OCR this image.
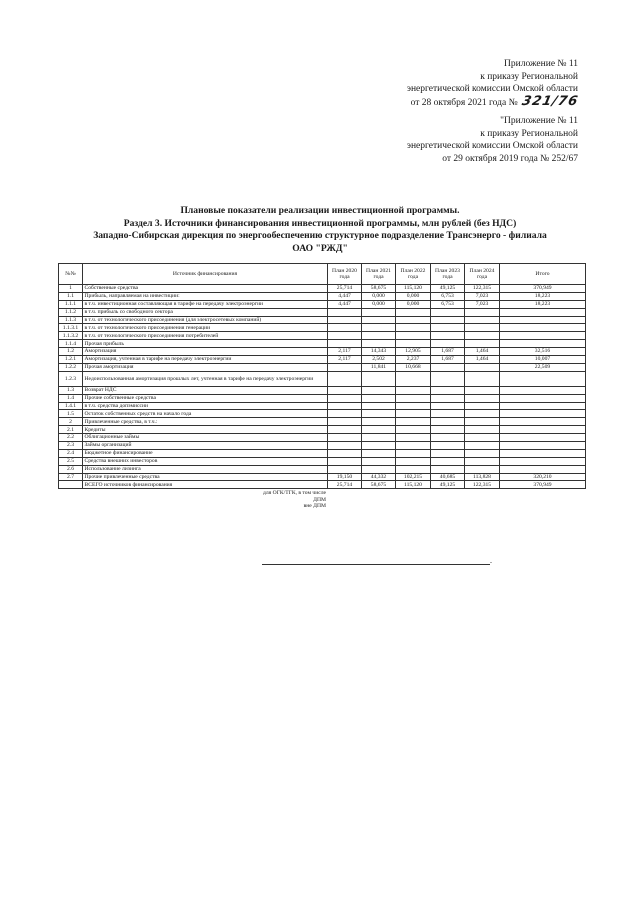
Приложение № 11
к приказу Региональной
энергетической комиссии Омской области
от 28 октября 2021 года № 321/76
"Приложение № 11
к приказу Региональной
энергетической комиссии Омской области
от 29 октября 2019 года № 252/67
Плановые показатели реализации инвестиционной программы.
Раздел 3. Источники финансирования инвестиционной программы, млн рублей (без НДС)
Западно-Сибирская дирекция по энергообеспечению структурное подразделение Трансэнерго - филиала
ОАО "РЖД"
№№	Источник финансирования	План 2020 года	План 2021 года	План 2022 года	План 2023 года	План 2024 года	Итого
1	Собственные средства	25,714	58,675	115,120	49,125	122,315	370,949
1.1	Прибыль, направляемая на инвестиции:	4,447	0,000	0,000	6,753	7,023	18,223
1.1.1	в т.ч. инвестиционная составляющая в тарифе на передачу электроэнергии	4,447	0,000	0,000	6,753	7,023	18,223
1.1.2	в т.ч. прибыль со свободного сектора						
1.1.3	в т.ч. от технологического присоединения (для электросетевых компаний)						
1.1.3.1	в т.ч. от технологического присоединения генерации						
1.1.3.2	в т.ч. от технологического присоединения потребителей						
1.1.4	Прочая прибыль						
1.2	Амортизация	2,117	14,343	12,905	1,687	1,464	32,516
1.2.1	Амортизация, учтенная в тарифе на передачу электроэнергии	2,117	2,502	2,237	1,687	1,464	10,007
1.2.2	Прочая амортизация		11,841	10,668			22,509
1.2.3	Недоиспользованная амортизация прошлых лет, учтенная в тарифе на передачу электроэнергии						
1.3	Возврат НДС						
1.4	Прочие собственные средства						
1.4.1	в т.ч. средства допэмиссии						
1.5	Остаток собственных средств на начало года						
2	Привлеченные средства, в т.ч.:						
2.1	Кредиты						
2.2	Облигационные займы						
2.3	Займы организаций						
2.4	Бюджетное финансирование						
2.5	Средства внешних инвесторов						
2.6	Использование лизинга						
2.7	Прочие привлеченные средства	19,150	44,332	102,215	40,685	113,828	320,210
	ВСЕГО источников финансирования	25,714	58,675	115,120	49,125	122,315	370,949
для ОГК/ТГК, в том числе							
ДПМ							
вне ДПМ							
.
